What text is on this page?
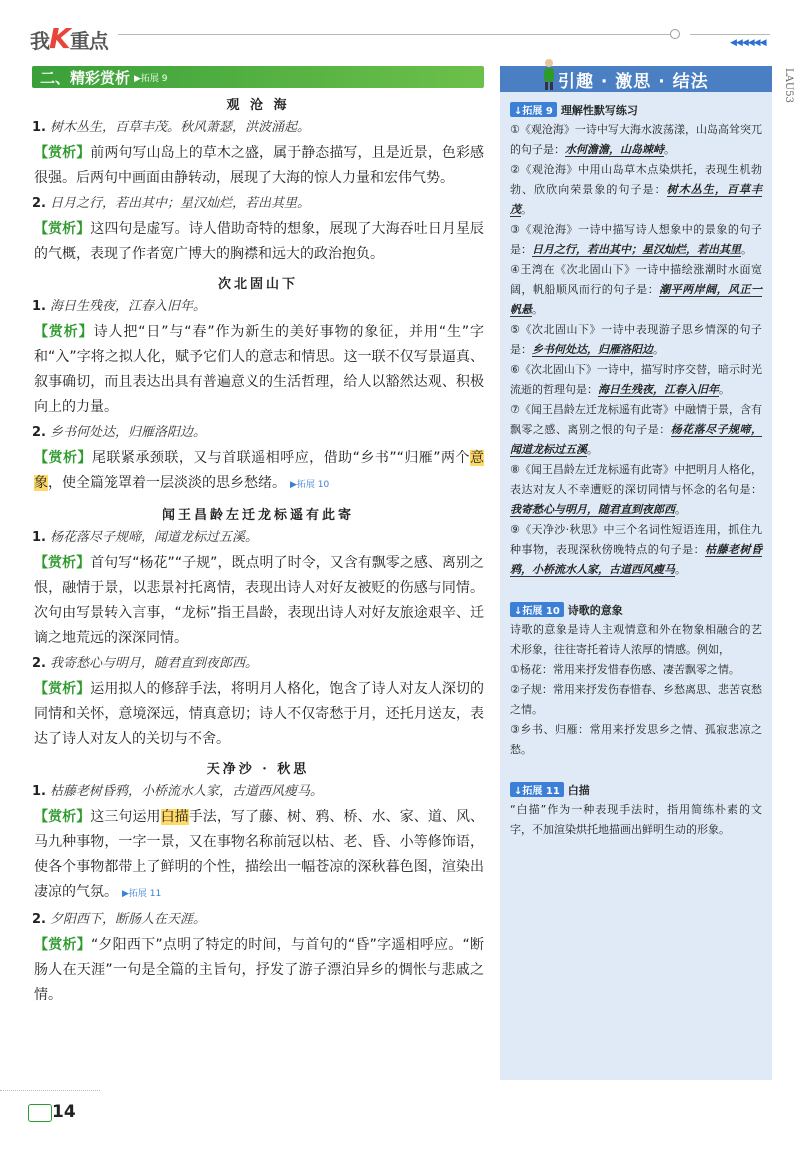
我K重点	◀◀◀◀◀◀
LAU53
二、精彩赏析 ▶拓展 9
观 沧 海

1. 树木丛生，百草丰茂。秋风萧瑟，洪波涌起。

【赏析】前两句写山岛上的草木之盛，属于静态描写，且是近景，色彩感很强。后两句中画面由静转动，展现了大海的惊人力量和宏伟气势。

2. 日月之行，若出其中；星汉灿烂，若出其里。

【赏析】这四句是虚写。诗人借助奇特的想象，展现了大海吞吐日月星辰的气概，表现了作者宽广博大的胸襟和远大的政治抱负。

次北固山下

1. 海日生残夜，江春入旧年。

【赏析】诗人把“日”与“春”作为新生的美好事物的象征，并用“生”字和“入”字将之拟人化，赋予它们人的意志和情思。这一联不仅写景逼真、叙事确切，而且表达出具有普遍意义的生活哲理，给人以豁然达观、积极向上的力量。

2. 乡书何处达，归雁洛阳边。

【赏析】尾联紧承颈联，又与首联遥相呼应，借助“乡书”“归雁”两个意象，使全篇笼罩着一层淡淡的思乡愁绪。 ▶拓展 10

闻王昌龄左迁龙标遥有此寄

1. 杨花落尽子规啼，闻道龙标过五溪。

【赏析】首句写“杨花”“子规”，既点明了时令，又含有飘零之感、离别之恨，融情于景，以悲景衬托离情，表现出诗人对好友被贬的伤感与同情。次句由写景转入言事，“龙标”指王昌龄，表现出诗人对好友旅途艰辛、迁谪之地荒远的深深同情。

2. 我寄愁心与明月，随君直到夜郎西。

【赏析】运用拟人的修辞手法，将明月人格化，饱含了诗人对友人深切的同情和关怀，意境深远，情真意切；诗人不仅寄愁于月，还托月送友，表达了诗人对友人的关切与不舍。

天净沙 · 秋思

1. 枯藤老树昏鸦，小桥流水人家，古道西风瘦马。

【赏析】这三句运用白描手法，写了藤、树、鸦、桥、水、家、道、风、马九种事物，一字一景，又在事物名称前冠以枯、老、昏、小等修饰语，使各个事物都带上了鲜明的个性，描绘出一幅苍凉的深秋暮色图，渲染出凄凉的气氛。 ▶拓展 11

2. 夕阳西下，断肠人在天涯。

【赏析】“夕阳西下”点明了特定的时间，与首句的“昏”字遥相呼应。“断肠人在天涯”一句是全篇的主旨句，抒发了游子漂泊异乡的惆怅与悲戚之情。

引趣 · 激思 · 结法
↓拓展 9 理解性默写练习

①《观沧海》一诗中写大海水波荡漾，山岛高耸突兀的句子是：水何澹澹，山岛竦峙。

②《观沧海》中用山岛草木点染烘托，表现生机勃勃、欣欣向荣景象的句子是：树木丛生，百草丰茂。

③《观沧海》一诗中描写诗人想象中的景象的句子是：日月之行，若出其中；星汉灿烂，若出其里。

④王湾在《次北固山下》一诗中描绘涨潮时水面宽阔，帆船顺风而行的句子是：潮平两岸阔，风正一帆悬。

⑤《次北固山下》一诗中表现游子思乡情深的句子是：乡书何处达，归雁洛阳边。

⑥《次北固山下》一诗中，描写时序交替，暗示时光流逝的哲理句是：海日生残夜，江春入旧年。

⑦《闻王昌龄左迁龙标遥有此寄》中融情于景，含有飘零之感、离别之恨的句子是：杨花落尽子规啼，闻道龙标过五溪。

⑧《闻王昌龄左迁龙标遥有此寄》中把明月人格化，表达对友人不幸遭贬的深切同情与怀念的名句是：我寄愁心与明月，随君直到夜郎西。

⑨《天净沙·秋思》中三个名词性短语连用，抓住九种事物，表现深秋傍晚特点的句子是：枯藤老树昏鸦，小桥流水人家，古道西风瘦马。

↓拓展 10 诗歌的意象

诗歌的意象是诗人主观情意和外在物象相融合的艺术形象，往往寄托着诗人浓厚的情感。例如，

①杨花：常用来抒发惜春伤感、凄苦飘零之情。

②子规：常用来抒发伤春惜春、乡愁离思、悲苦哀愁之情。

③乡书、归雁：常用来抒发思乡之情、孤寂悲凉之愁。

↓拓展 11 白描

“白描”作为一种表现手法时，指用简练朴素的文字，不加渲染烘托地描画出鲜明生动的形象。

14
